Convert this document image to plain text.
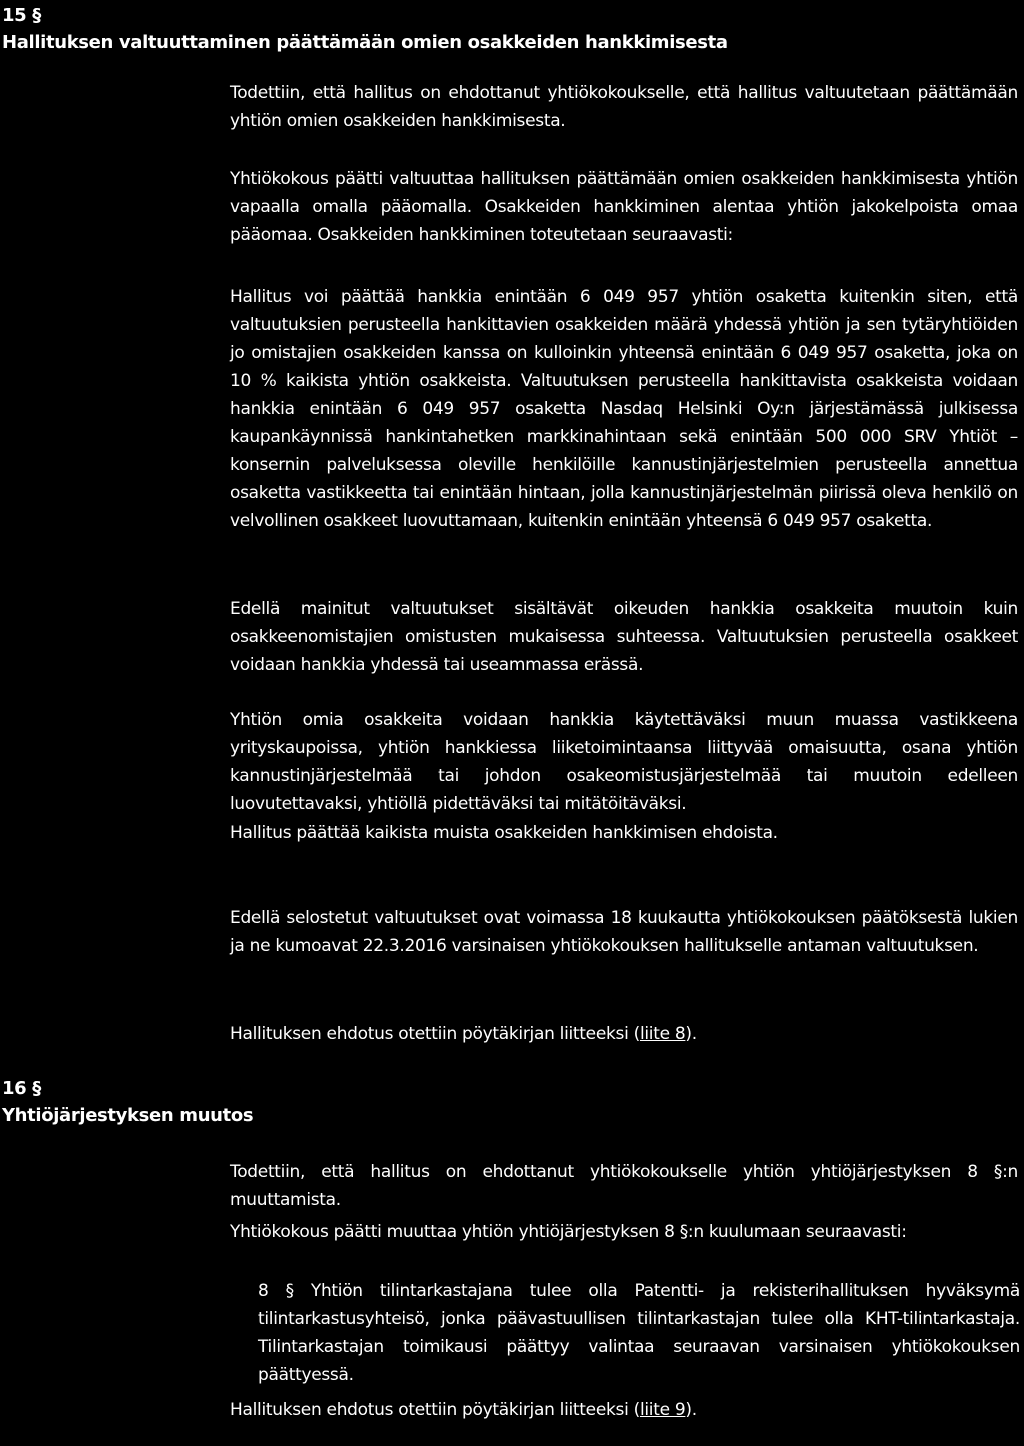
15 §
Hallituksen valtuuttaminen päättämään omien osakkeiden hankkimisesta

Todettiin, että hallitus on ehdottanut yhtiökokoukselle, että hallitus valtuutetaan päättämään yhtiön omien osakkeiden hankkimisesta.

Yhtiökokous päätti valtuuttaa hallituksen päättämään omien osakkeiden hankkimisesta yhtiön vapaalla omalla pääomalla. Osakkeiden hankkiminen alentaa yhtiön jakokelpoista omaa pääomaa. Osakkeiden hankkiminen toteutetaan seuraavasti:

Hallitus voi päättää hankkia enintään 6 049 957 yhtiön osaketta kuitenkin siten, että valtuutuksien perusteella hankittavien osakkeiden määrä yhdessä yhtiön ja sen tytäryhtiöiden jo omistajien osakkeiden kanssa on kulloinkin yhteensä enintään 6 049 957 osaketta, joka on 10 % kaikista yhtiön osakkeista. Valtuutuksen perusteella hankittavista osakkeista voidaan hankkia enintään 6 049 957 osaketta Nasdaq Helsinki Oy:n järjestämässä julkisessa kaupankäynnissä hankintahetken markkinahintaan sekä enintään 500 000 SRV Yhtiöt –konsernin palveluksessa oleville henkilöille kannustinjärjestelmien perusteella annettua osaketta vastikkeetta tai enintään hintaan, jolla kannustinjärjestelmän piirissä oleva henkilö on velvollinen osakkeet luovuttamaan, kuitenkin enintään yhteensä 6 049 957 osaketta.

Edellä mainitut valtuutukset sisältävät oikeuden hankkia osakkeita muutoin kuin osakkeenomistajien omistusten mukaisessa suhteessa. Valtuutuksien perusteella osakkeet voidaan hankkia yhdessä tai useammassa erässä.

Yhtiön omia osakkeita voidaan hankkia käytettäväksi muun muassa vastikkeena yrityskaupoissa, yhtiön hankkiessa liiketoimintaansa liittyvää omaisuutta, osana yhtiön kannustinjärjestelmää tai johdon osakeomistusjärjestelmää tai muutoin edelleen luovutettavaksi, yhtiöllä pidettäväksi tai mitätöitäväksi.

Hallitus päättää kaikista muista osakkeiden hankkimisen ehdoista.

Edellä selostetut valtuutukset ovat voimassa 18 kuukautta yhtiökokouksen päätöksestä lukien ja ne kumoavat 22.3.2016 varsinaisen yhtiökokouksen hallitukselle antaman valtuutuksen.

Hallituksen ehdotus otettiin pöytäkirjan liitteeksi (liite 8).

16 §
Yhtiöjärjestyksen muutos

Todettiin, että hallitus on ehdottanut yhtiökokoukselle yhtiön yhtiöjärjestyksen 8 §:n muuttamista.

Yhtiökokous päätti muuttaa yhtiön yhtiöjärjestyksen 8 §:n kuulumaan seuraavasti:

8 § Yhtiön tilintarkastajana tulee olla Patentti- ja rekisterihallituksen hyväksymä tilintarkastusyhteisö, jonka päävastuullisen tilintarkastajan tulee olla KHT-tilintarkastaja. Tilintarkastajan toimikausi päättyy valintaa seuraavan varsinaisen yhtiökokouksen päättyessä.

Hallituksen ehdotus otettiin pöytäkirjan liitteeksi (liite 9).
